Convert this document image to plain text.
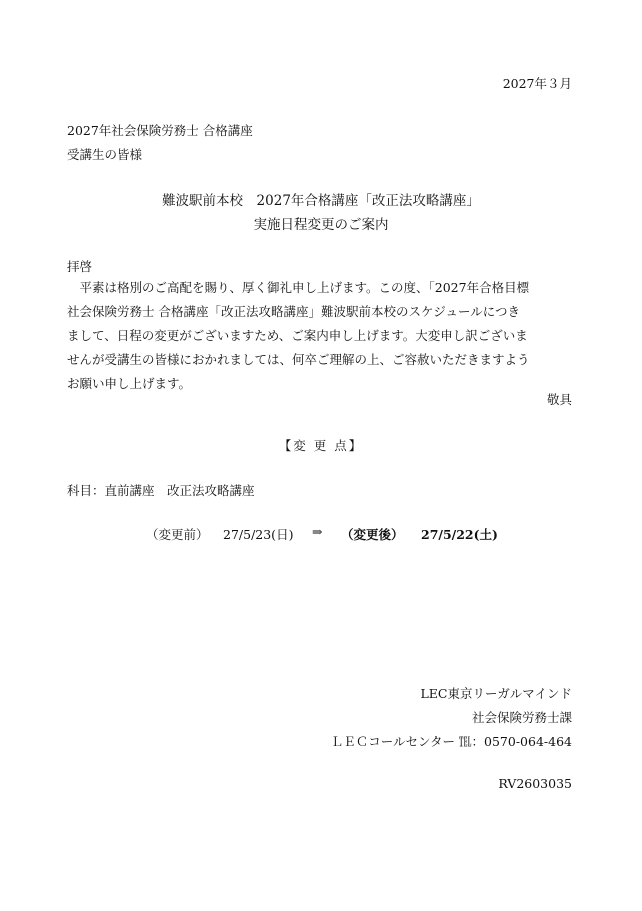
2027年３月
2027年社会保険労務士 合格講座
受講生の皆様
難波駅前本校　2027年合格講座「改正法攻略講座」
実施日程変更のご案内
拝啓
　平素は格別のご高配を賜り、厚く御礼申し上げます。この度、「2027年合格目標
社会保険労務士 合格講座「改正法攻略講座」難波駅前本校のスケジュールにつき
まして、日程の変更がございますため、ご案内申し上げます。大変申し訳ございま
せんが受講生の皆様におかれましては、何卒ご理解の上、ご容赦いただきますよう
お願い申し上げます。
敬具
【変 更 点】
科目：直前講座　改正法攻略講座
（変更前） 27/5/23(日) ⇒ （変更後） 27/5/22(土)
LEC東京リーガルマインド
社会保険労務士課
ＬＥＣコールセンター ℡：0570-064-464
RV2603035
